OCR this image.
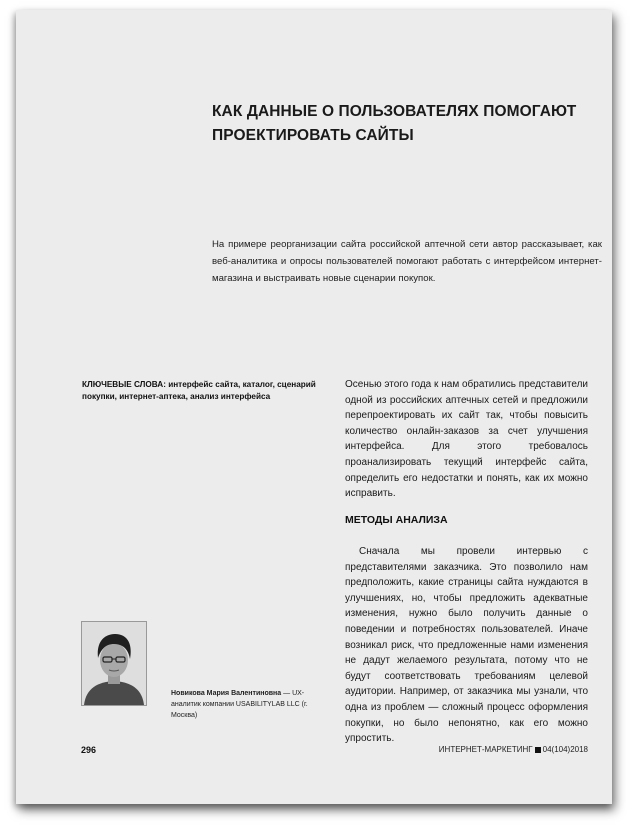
КАК ДАННЫЕ О ПОЛЬЗОВАТЕЛЯХ ПОМОГАЮТ
ПРОЕКТИРОВАТЬ САЙТЫ

На примере реорганизации сайта российской аптечной сети автор рассказывает, как веб-аналитика и опросы пользователей помогают работать с интерфейсом интернет-магазина и выстраивать новые сценарии покупок.

КЛЮЧЕВЫЕ СЛОВА: интерфейс сайта, каталог, сценарий покупки, интернет-аптека, анализ интерфейса

Осенью этого года к нам обратились представители одной из российских аптечных сетей и предложили перепроектировать их сайт так, чтобы повысить количество онлайн-заказов за счет улучшения интерфейса. Для этого требовалось проанализировать текущий интерфейс сайта, определить его недостатки и понять, как их можно исправить.

МЕТОДЫ АНАЛИЗА

Сначала мы провели интервью с представителями заказчика. Это позволило нам предположить, какие страницы сайта нуждаются в улучшениях, но, чтобы предложить адекватные изменения, нужно было получить данные о поведении и потребностях пользователей. Иначе возникал риск, что предложенные нами изменения не дадут желаемого результата, потому что не будут соответствовать требованиям целевой аудитории. Например, от заказчика мы узнали, что одна из проблем — сложный процесс оформления покупки, но было непонятно, как его можно упростить.

Новикова Мария Валентиновна — UX-аналитик компании USABILITYLAB LLC (г. Москва)

296	ИНТЕРНЕТ-МАРКЕТИНГ 04(104)2018
